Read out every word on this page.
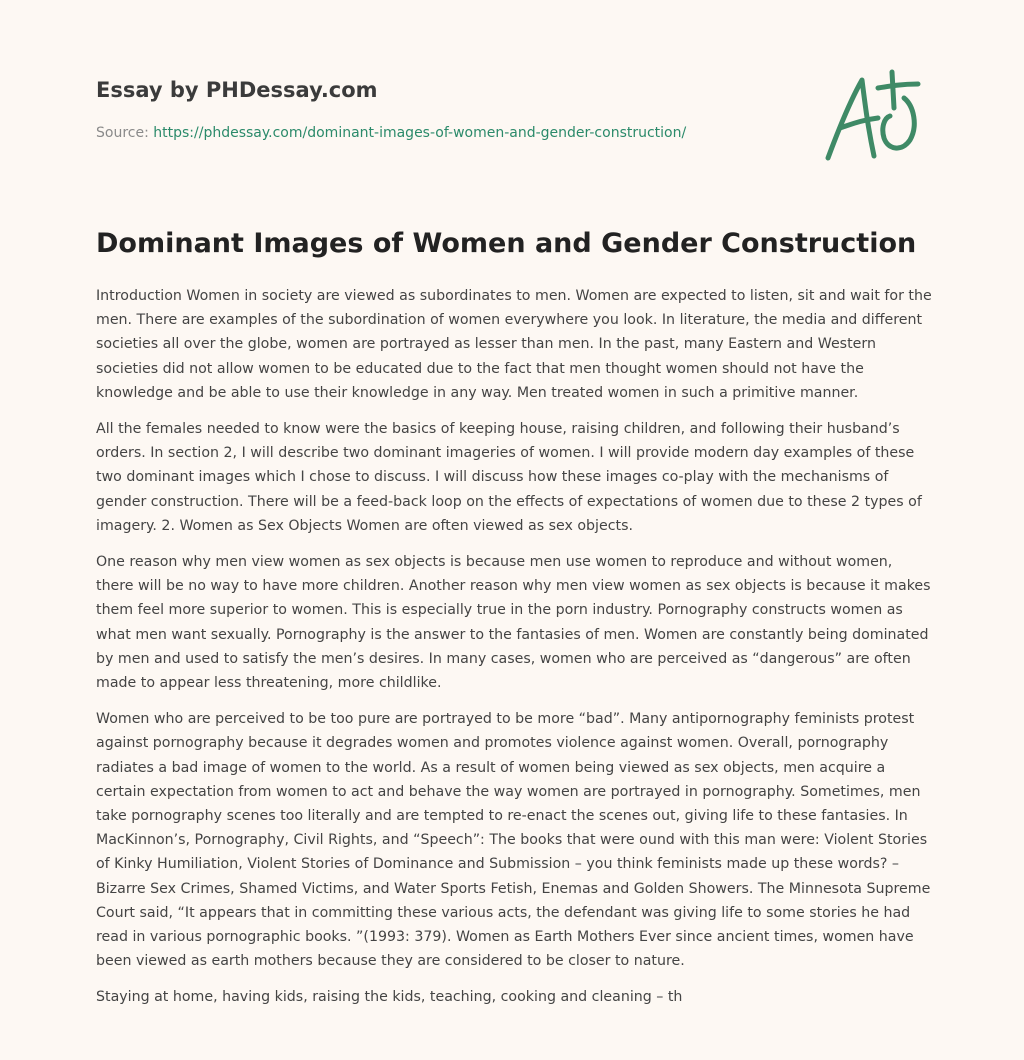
Essay by PHDessay.com
Source: https://phdessay.com/dominant-images-of-women-and-gender-construction/
Dominant Images of Women and Gender Construction

Introduction Women in society are viewed as subordinates to men. Women are expected to listen, sit and wait for the men. There are examples of the subordination of women everywhere you look. In literature, the media and different societies all over the globe, women are portrayed as lesser than men. In the past, many Eastern and Western societies did not allow women to be educated due to the fact that men thought women should not have the knowledge and be able to use their knowledge in any way. Men treated women in such a primitive manner.

All the females needed to know were the basics of keeping house, raising children, and following their husband’s orders. In section 2, I will describe two dominant imageries of women. I will provide modern day examples of these two dominant images which I chose to discuss. I will discuss how these images co-play with the mechanisms of gender construction. There will be a feed-back loop on the effects of expectations of women due to these 2 types of imagery. 2. Women as Sex Objects Women are often viewed as sex objects.

One reason why men view women as sex objects is because men use women to reproduce and without women, there will be no way to have more children. Another reason why men view women as sex objects is because it makes them feel more superior to women. This is especially true in the porn industry. Pornography constructs women as what men want sexually. Pornography is the answer to the fantasies of men. Women are constantly being dominated by men and used to satisfy the men’s desires. In many cases, women who are perceived as “dangerous” are often made to appear less threatening, more childlike.

Women who are perceived to be too pure are portrayed to be more “bad”. Many antipornography feminists protest against pornography because it degrades women and promotes violence against women. Overall, pornography radiates a bad image of women to the world. As a result of women being viewed as sex objects, men acquire a certain expectation from women to act and behave the way women are portrayed in pornography. Sometimes, men take pornography scenes too literally and are tempted to re-enact the scenes out, giving life to these fantasies. In MacKinnon’s, Pornography, Civil Rights, and “Speech”: The books that were ound with this man were: Violent Stories of Kinky Humiliation, Violent Stories of Dominance and Submission – you think feminists made up these words? – Bizarre Sex Crimes, Shamed Victims, and Water Sports Fetish, Enemas and Golden Showers. The Minnesota Supreme Court said, “It appears that in committing these various acts, the defendant was giving life to some stories he had read in various pornographic books. ”(1993: 379). Women as Earth Mothers Ever since ancient times, women have been viewed as earth mothers because they are considered to be closer to nature.

Staying at home, having kids, raising the kids, teaching, cooking and cleaning – th
